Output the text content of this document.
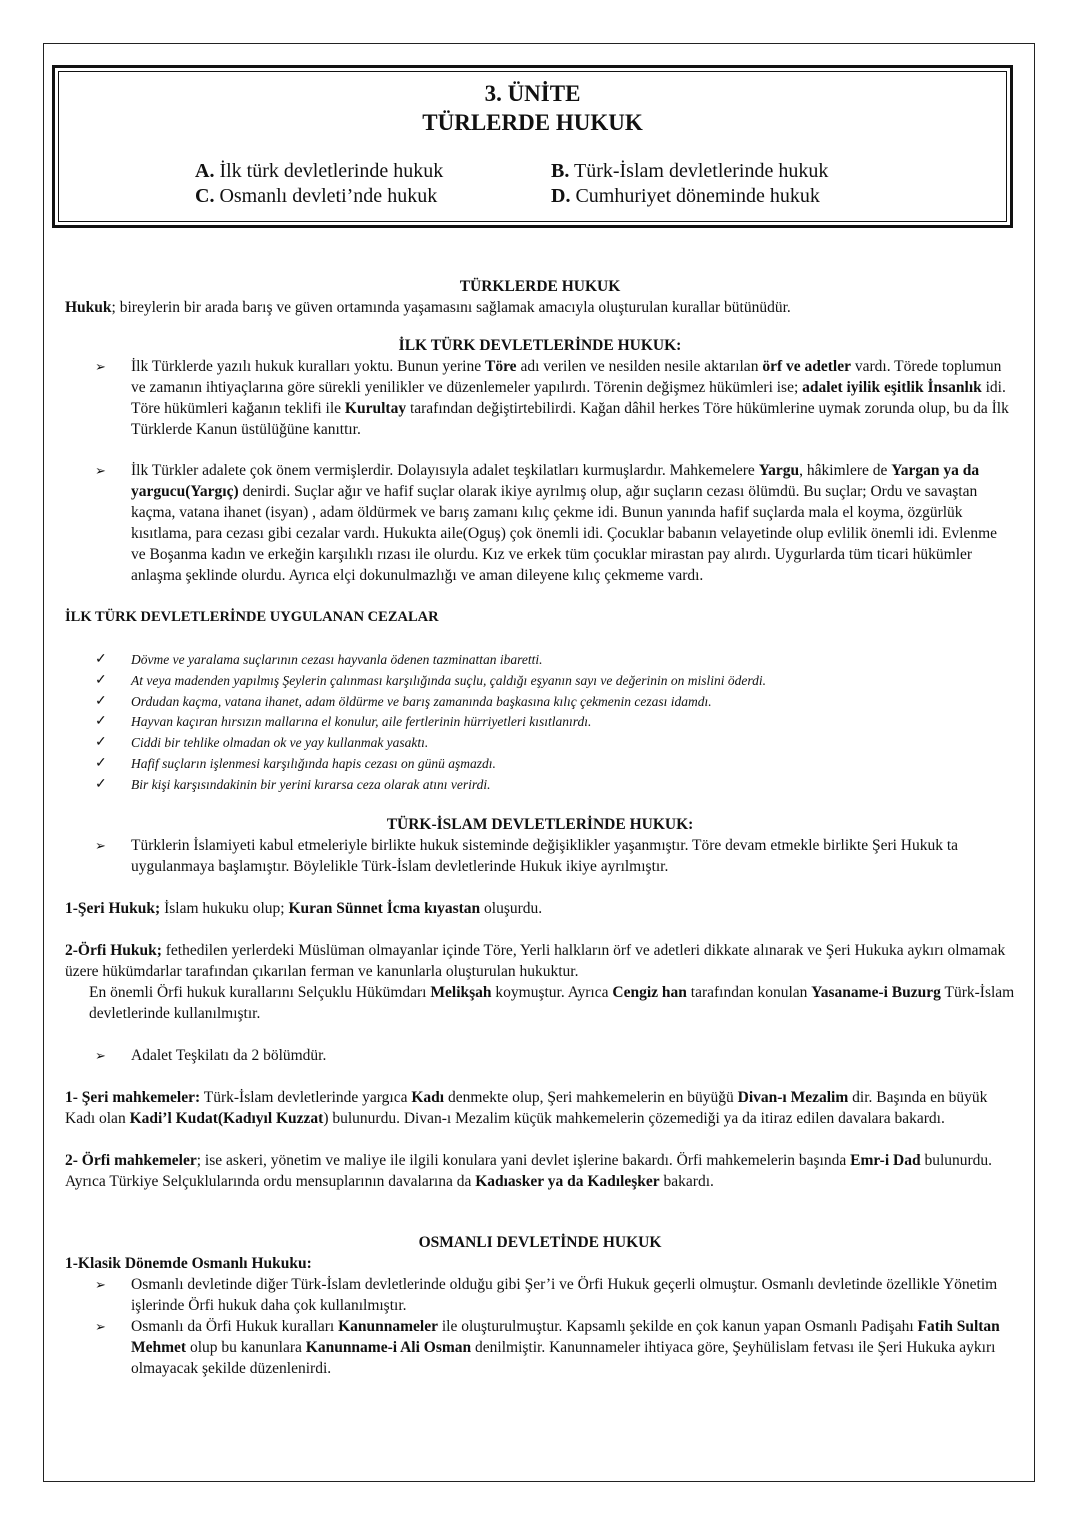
3. ÜNİTE
TÜRLERDE HUKUK
A. İlk türk devletlerinde hukuk	B. Türk-İslam devletlerinde hukuk
C. Osmanlı devleti’nde hukuk	D. Cumhuriyet döneminde hukuk

TÜRKLERDE HUKUK

Hukuk; bireylerin bir arada barış ve güven ortamında yaşamasını sağlamak amacıyla oluşturulan kurallar bütünüdür.

İLK TÜRK DEVLETLERİNDE HUKUK:

➢ İlk Türklerde yazılı hukuk kuralları yoktu. Bunun yerine Töre adı verilen ve nesilden nesile aktarılan örf ve adetler vardı. Törede toplumun ve zamanın ihtiyaçlarına göre sürekli yenilikler ve düzenlemeler yapılırdı. Törenin değişmez hükümleri ise; adalet iyilik eşitlik İnsanlık idi. Töre hükümleri kağanın teklifi ile Kurultay tarafından değiştirtebilirdi. Kağan dâhil herkes Töre hükümlerine uymak zorunda olup, bu da İlk Türklerde Kanun üstülüğüne kanıttır.
➢ İlk Türkler adalete çok önem vermişlerdir. Dolayısıyla adalet teşkilatları kurmuşlardır. Mahkemelere Yargu, hâkimlere de Yargan ya da yargucu(Yargıç) denirdi. Suçlar ağır ve hafif suçlar olarak ikiye ayrılmış olup, ağır suçların cezası ölümdü. Bu suçlar; Ordu ve savaştan kaçma, vatana ihanet (isyan) , adam öldürmek ve barış zamanı kılıç çekme idi. Bunun yanında hafif suçlarda mala el koyma, özgürlük kısıtlama, para cezası gibi cezalar vardı. Hukukta aile(Oguş) çok önemli idi. Çocuklar babanın velayetinde olup evlilik önemli idi. Evlenme ve Boşanma kadın ve erkeğin karşılıklı rızası ile olurdu. Kız ve erkek tüm çocuklar mirastan pay alırdı. Uygurlarda tüm ticari hükümler anlaşma şeklinde olurdu. Ayrıca elçi dokunulmazlığı ve aman dileyene kılıç çekmeme vardı.

İLK TÜRK DEVLETLERİNDE UYGULANAN CEZALAR

✓ Dövme ve yaralama suçlarının cezası hayvanla ödenen tazminattan ibaretti.
✓ At veya madenden yapılmış Şeylerin çalınması karşılığında suçlu, çaldığı eşyanın sayı ve değerinin on mislini öderdi.
✓ Ordudan kaçma, vatana ihanet, adam öldürme ve barış zamanında başkasına kılıç çekmenin cezası idamdı.
✓ Hayvan kaçıran hırsızın mallarına el konulur, aile fertlerinin hürriyetleri kısıtlanırdı.
✓ Ciddi bir tehlike olmadan ok ve yay kullanmak yasaktı.
✓ Hafif suçların işlenmesi karşılığında hapis cezası on günü aşmazdı.
✓ Bir kişi karşısındakinin bir yerini kırarsa ceza olarak atını verirdi.

TÜRK-İSLAM DEVLETLERİNDE HUKUK:

➢ Türklerin İslamiyeti kabul etmeleriyle birlikte hukuk sisteminde değişiklikler yaşanmıştır. Töre devam etmekle birlikte Şeri Hukuk ta uygulanmaya başlamıştır. Böylelikle Türk-İslam devletlerinde Hukuk ikiye ayrılmıştır.

1-Şeri Hukuk; İslam hukuku olup; Kuran Sünnet İcma kıyastan oluşurdu.

2-Örfi Hukuk; fethedilen yerlerdeki Müslüman olmayanlar içinde Töre, Yerli halkların örf ve adetleri dikkate alınarak ve Şeri Hukuka aykırı olmamak üzere hükümdarlar tarafından çıkarılan ferman ve kanunlarla oluşturulan hukuktur.

En önemli Örfi hukuk kurallarını Selçuklu Hükümdarı Melikşah koymuştur. Ayrıca Cengiz han tarafından konulan Yasaname-i Buzurg Türk-İslam devletlerinde kullanılmıştır.

➢ Adalet Teşkilatı da 2 bölümdür.

1- Şeri mahkemeler: Türk-İslam devletlerinde yargıca Kadı denmekte olup, Şeri mahkemelerin en büyüğü Divan-ı Mezalim dir. Başında en büyük Kadı olan Kadi’l Kudat(Kadıyıl Kuzzat) bulunurdu. Divan-ı Mezalim küçük mahkemelerin çözemediği ya da itiraz edilen davalara bakardı.

2- Örfi mahkemeler; ise askeri, yönetim ve maliye ile ilgili konulara yani devlet işlerine bakardı. Örfi mahkemelerin başında Emr-i Dad bulunurdu. Ayrıca Türkiye Selçuklularında ordu mensuplarının davalarına da Kadıasker ya da Kadıleşker bakardı.

OSMANLI DEVLETİNDE HUKUK

1-Klasik Dönemde Osmanlı Hukuku:

➢ Osmanlı devletinde diğer Türk-İslam devletlerinde olduğu gibi Şer’i ve Örfi Hukuk geçerli olmuştur. Osmanlı devletinde özellikle Yönetim işlerinde Örfi hukuk daha çok kullanılmıştır.
➢ Osmanlı da Örfi Hukuk kuralları Kanunnameler ile oluşturulmuştur. Kapsamlı şekilde en çok kanun yapan Osmanlı Padişahı Fatih Sultan Mehmet olup bu kanunlara Kanunname-i Ali Osman denilmiştir. Kanunnameler ihtiyaca göre, Şeyhülislam fetvası ile Şeri Hukuka aykırı olmayacak şekilde düzenlenirdi.
